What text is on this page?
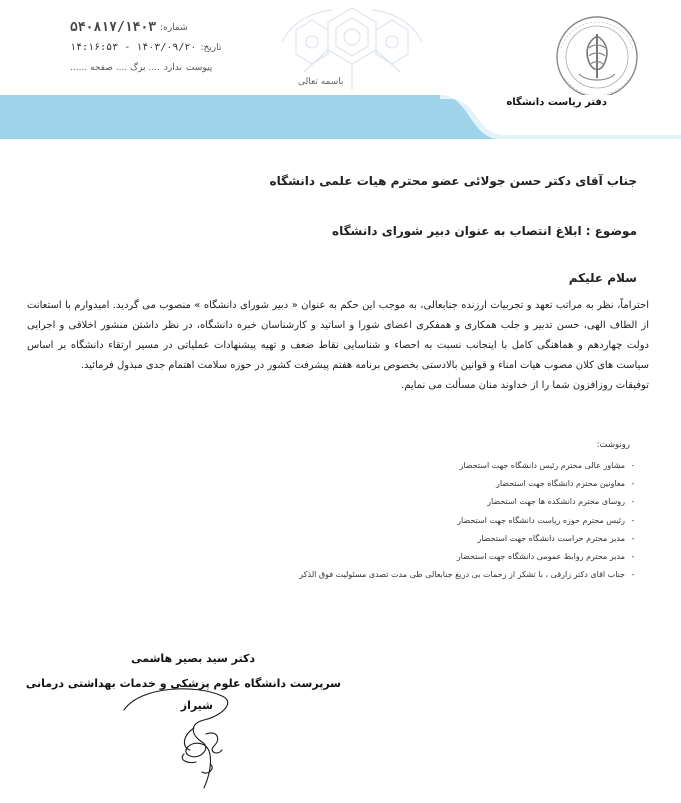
باسمه تعالی
شماره:
۵۴۰۸۱۷/۱۴۰۳
تاریخ:
۱۴۰۳/۰۹/۲۰ - ۱۴:۱۶:۵۳
پیوست
ندارد
.... برگ .... صفحه ......
دفتر ریاست دانشگاه
جناب آقای دکتر حسن جولائی عضو محترم هیات علمی دانشگاه
موضوع : ابلاغ انتصاب به عنوان دبیر شورای دانشگاه
سلام علیکم

احتراماً، نظر به مراتب تعهد و تجربیات ارزنده جنابعالی، به موجب این حکم به عنوان « دبیر شورای دانشگاه » منصوب می گردید. امیدوارم با استعانت از الطاف الهی، حسن تدبیر و جلب همکاری و همفکری اعضای شورا و اساتید و کارشناسان خبره دانشگاه، در نظر داشتن منشور اخلاقی و اجرایی دولت چهاردهم و هماهنگی کامل با اینجانب نسبت به احصاء و شناسایی نقاط ضعف و تهیه پیشنهادات عملیاتی در مسیر ارتقاء دانشگاه بر اساس سیاست های کلان مصوب هیات امناء و قوانین بالادستی بخصوص برنامه هفتم پیشرفت کشور در حوزه سلامت اهتمام جدی مبذول فرمائید.

توفیقات روزافزون شما را از خداوند منان مسألت می نمایم.

رونوشت:
-مشاور عالی محترم رئیس دانشگاه جهت استحضار
-معاونین محترم دانشگاه جهت استحضار
-روسای محترم دانشکده ها جهت استحضار
-رئیس محترم حوزه ریاست دانشگاه جهت استحضار
-مدیر محترم حراست دانشگاه جهت استحضار
-مدیر محترم روابط عمومی دانشگاه جهت استحضار
-جناب اقای دکتر زارقی ، با تشکر از زحمات بی دریغ جنابعالی طی مدت تصدی مسئولیت فوق الذکر
دکتر سید بصیر هاشمی
سرپرست دانشگاه علوم پزشکی و خدمات بهداشتی درمانی
شیراز
